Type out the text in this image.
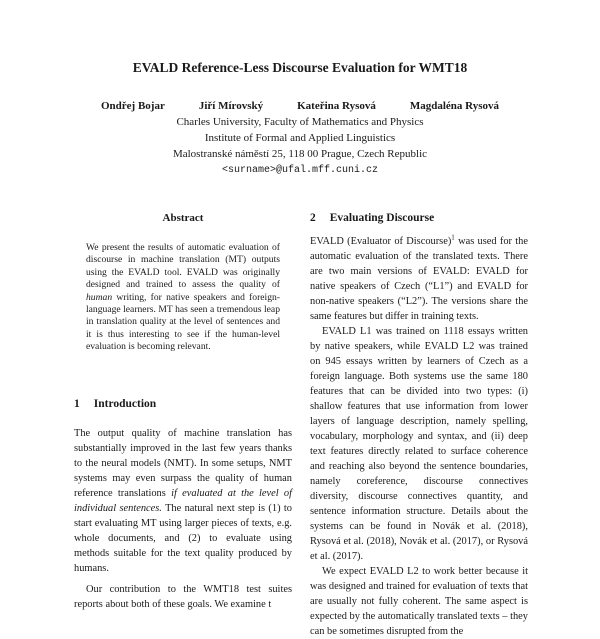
EVALD Reference-Less Discourse Evaluation for WMT18
Ondřej Bojar	Jiří Mírovský	Kateřina Rysová	Magdaléna Rysová
Charles University, Faculty of Mathematics and Physics
Institute of Formal and Applied Linguistics
Malostranské náměstí 25, 118 00 Prague, Czech Republic
<surname>@ufal.mff.cuni.cz
Abstract

We present the results of automatic evaluation of discourse in machine translation (MT) outputs using the EVALD tool. EVALD was originally designed and trained to assess the quality of human writing, for native speakers and foreign-language learners. MT has seen a tremendous leap in translation quality at the level of sentences and it is thus interesting to see if the human-level evaluation is becoming relevant.

1 Introduction

The output quality of machine translation has substantially improved in the last few years thanks to the neural models (NMT). In some setups, NMT systems may even surpass the quality of human reference translations if evaluated at the level of individual sentences. The natural next step is (1) to start evaluating MT using larger pieces of texts, e.g. whole documents, and (2) to evaluate using methods suitable for the text quality produced by humans.

Our contribution to the WMT18 test suites reports about both of these goals. We examine t

2 Evaluating Discourse

EVALD (Evaluator of Discourse)$^1$ was used for the automatic evaluation of the translated texts. There are two main versions of EVALD: EVALD for native speakers of Czech (“L1”) and EVALD for non-native speakers (“L2”). The versions share the same features but differ in training texts.

EVALD L1 was trained on 1118 essays written by native speakers, while EVALD L2 was trained on 945 essays written by learners of Czech as a foreign language. Both systems use the same 180 features that can be divided into two types: (i) shallow features that use information from lower layers of language description, namely spelling, vocabulary, morphology and syntax, and (ii) deep text features directly related to surface coherence and reaching also beyond the sentence boundaries, namely coreference, discourse connectives diversity, discourse connectives quantity, and sentence information structure. Details about the systems can be found in Novák et al. (2018), Rysová et al. (2018), Novák et al. (2017), or Rysová et al. (2017).

We expect EVALD L2 to work better because it was designed and trained for evaluation of texts that are usually not fully coherent. The same aspect is expected by the automatically translated texts – they can be sometimes disrupted from the
